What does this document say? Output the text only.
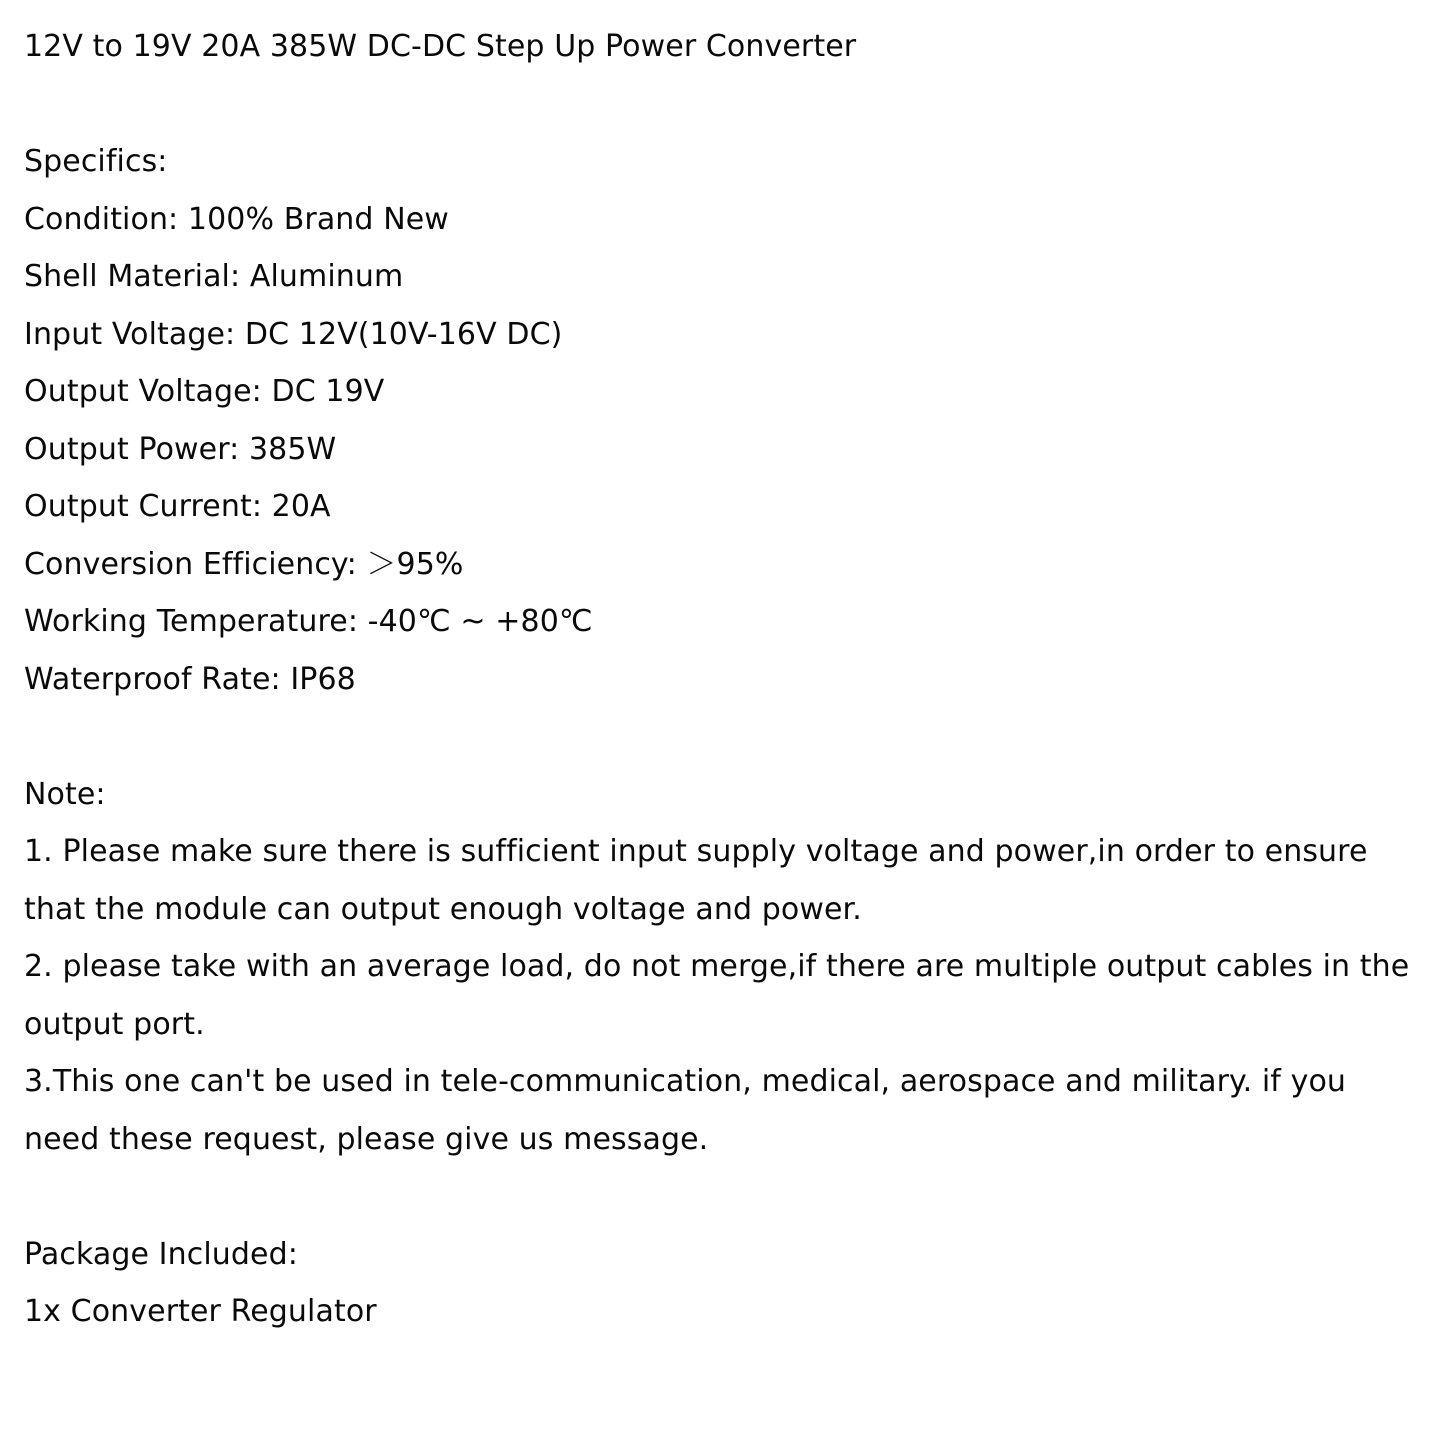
12V to 19V 20A 385W DC-DC Step Up Power Converter
Specifics:
Condition: 100% Brand New
Shell Material: Aluminum
Input Voltage: DC 12V(10V-16V DC)
Output Voltage: DC 19V
Output Power: 385W
Output Current: 20A
Conversion Efficiency: ＞95%
Working Temperature: -40℃ ~ +80℃
Waterproof Rate: IP68
Note:
1. Please make sure there is sufficient input supply voltage and power,in order to ensure that the module can output enough voltage and power.
2. please take with an average load, do not merge,if there are multiple output cables in the output port.
3.This one can't be used in tele-communication, medical, aerospace and military. if you need these request, please give us message.
Package Included:
1x Converter Regulator
